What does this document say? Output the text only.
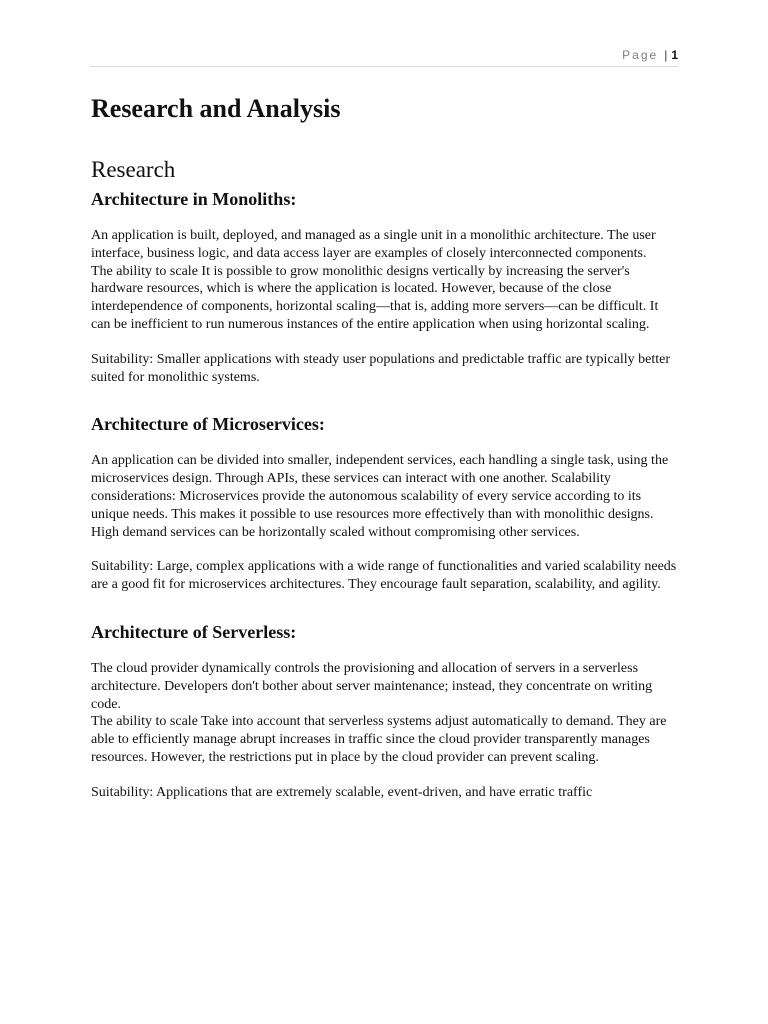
Page | 1
Research and Analysis
Research
Architecture in Monoliths:

An application is built, deployed, and managed as a single unit in a monolithic architecture. The user interface, business logic, and data access layer are examples of closely interconnected components.

The ability to scale It is possible to grow monolithic designs vertically by increasing the server's hardware resources, which is where the application is located. However, because of the close interdependence of components, horizontal scaling—that is, adding more servers—can be difficult. It can be inefficient to run numerous instances of the entire application when using horizontal scaling.

Suitability: Smaller applications with steady user populations and predictable traffic are typically better suited for monolithic systems.

Architecture of Microservices:

An application can be divided into smaller, independent services, each handling a single task, using the microservices design. Through APIs, these services can interact with one another. Scalability considerations: Microservices provide the autonomous scalability of every service according to its unique needs. This makes it possible to use resources more effectively than with monolithic designs. High demand services can be horizontally scaled without compromising other services.

Suitability: Large, complex applications with a wide range of functionalities and varied scalability needs are a good fit for microservices architectures. They encourage fault separation, scalability, and agility.

Architecture of Serverless:

The cloud provider dynamically controls the provisioning and allocation of servers in a serverless architecture. Developers don't bother about server maintenance; instead, they concentrate on writing code.

The ability to scale Take into account that serverless systems adjust automatically to demand. They are able to efficiently manage abrupt increases in traffic since the cloud provider transparently manages resources. However, the restrictions put in place by the cloud provider can prevent scaling.

Suitability: Applications that are extremely scalable, event-driven, and have erratic traffic
